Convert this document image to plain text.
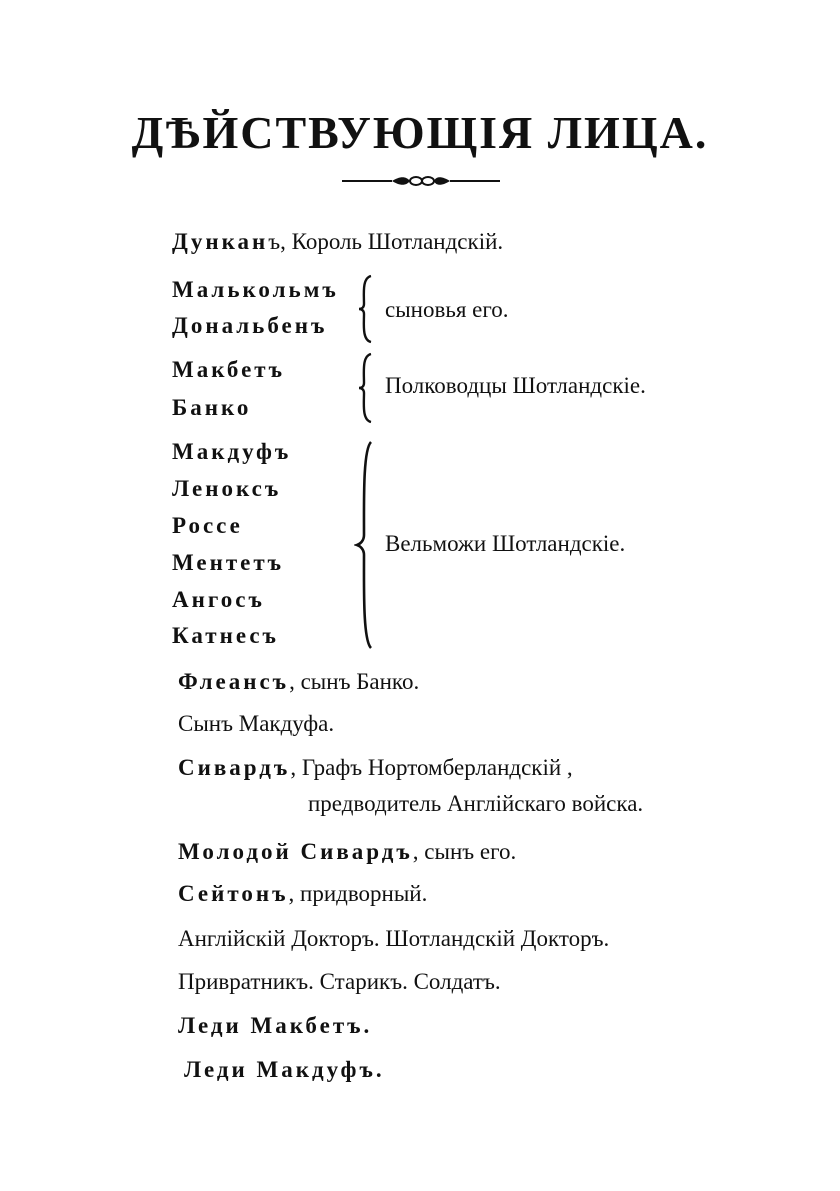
ДѢЙСТВУЮЩІЯ ЛИЦА.
Дунканъ, Король Шотландскій.
Малькольмъ
Дональбенъ
сыновья его.
Макбетъ
Банко
Полководцы Шотландскіе.
Макдуфъ
Леноксъ
Россе
Ментетъ
Ангосъ
Катнесъ
Вельможи Шотландскіе.
Флеансъ, сынъ Банко.
Сынъ Макдуфа.
Сивардъ, Графъ Нортомберландскій ,
предводитель Англійскаго войска.
Молодой Сивардъ, сынъ его.
Сейтонъ, придворный.
Англійскій Докторъ. Шотландскій Докторъ.
Привратникъ. Старикъ. Солдатъ.
Леди Макбетъ.
Леди Макдуфъ.
